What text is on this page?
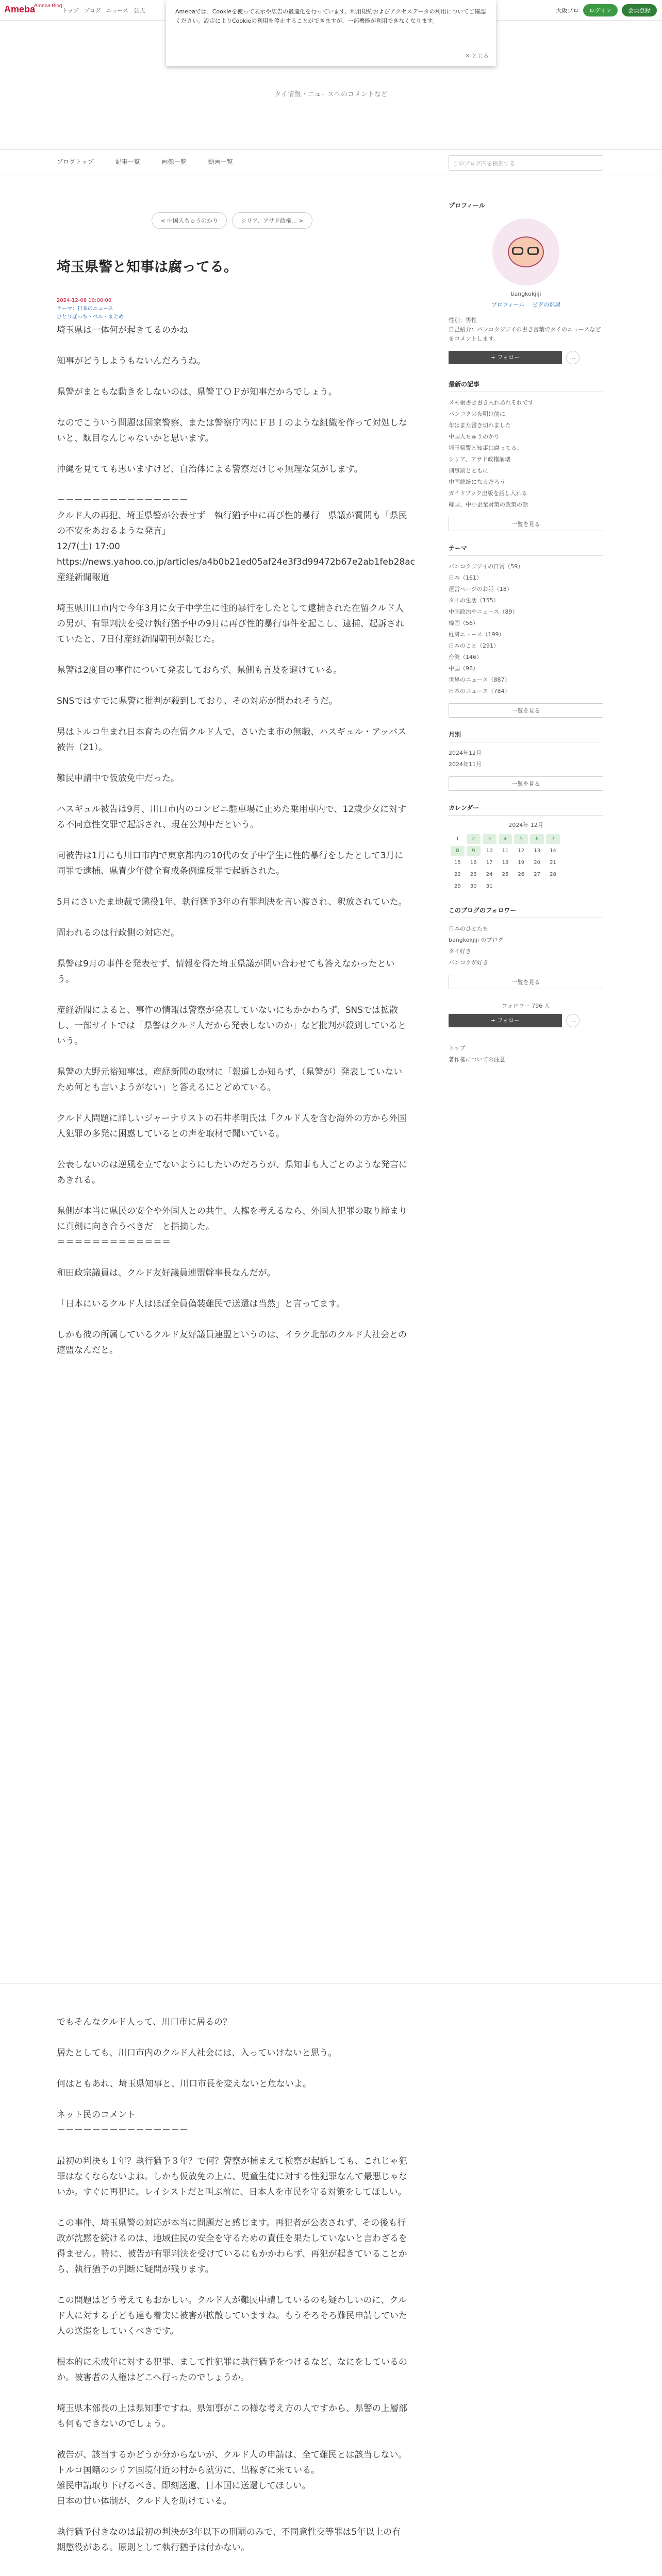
Ameba
Ameba Blog
トップ ブログ ニュース 公式	大阪プロ	ログイン	会員登録
Amebaでは、Cookieを使って表示や広告の最適化を行っています。利用規約およびアクセスデータの利用についてご確認ください。設定によりCookieの利用を停止することができますが、一部機能が利用できなくなります。
✕ とじる
タイ情報・ニュースへのコメントなど
ブログトップ	記事一覧	画像一覧	動画一覧	このブログ内を検索する
< 中国人ちゅうのかり	シリア、アサド政権... >
埼玉県警と知事は腐ってる。
2024-12-08 10:00:00
テーマ：日本のニュース
ひとりぼっち・ベル・まとめ

埼玉県は一体何が起きてるのかね

知事がどうしようもないんだろうね。

県警がまともな動きをしないのは、県警ＴＯＰが知事だからでしょう。

なのでこういう問題は国家警察、または警察庁内にＦＢＩのような組織を作って対処しないと、駄目なんじゃないかと思います。

沖縄を見てても思いますけど、自治体による警察だけじゃ無理な気がします。

－－－－－－－－－－－－－－－
クルド人の再犯、埼玉県警が公表せず　執行猶予中に再び性的暴行　県議が質問も「県民の不安をあおるような発言」
12/7(土) 17:00
https://news.yahoo.co.jp/articles/a4b0b21ed05af24e3f3d99472b67e2ab1feb28ac
産経新聞報道

埼玉県川口市内で今年3月に女子中学生に性的暴行をしたとして逮捕された在留クルド人の男が、有罪判決を受け執行猶予中の9月に再び性的暴行事件を起こし、逮捕、起訴されていたと、7日付産経新聞朝刊が報じた。

県警は2度目の事件について発表しておらず、県側も言及を避けている。

SNSではすでに県警に批判が殺到しており、その対応が問われそうだ。

男はトルコ生まれ日本育ちの在留クルド人で、さいたま市の無職、ハスギュル・アッバス被告（21）。

難民申請中で仮放免中だった。

ハスギュル被告は9月、川口市内のコンビニ駐車場に止めた乗用車内で、12歳少女に対する不同意性交罪で起訴され、現在公判中だという。

同被告は1月にも川口市内で東京都内の10代の女子中学生に性的暴行をしたとして3月に同罪で逮捕、県青少年健全育成条例違反罪で起訴された。

5月にさいたま地裁で懲役1年、執行猶予3年の有罪判決を言い渡され、釈放されていた。

問われるのは行政側の対応だ。

県警は9月の事件を発表せず、情報を得た埼玉県議が問い合わせても答えなかったという。

産経新聞によると、事件の情報は警察が発表していないにもかかわらず、SNSでは拡散し、一部サイトでは「県警はクルド人だから発表しないのか」など批判が殺到しているという。

県警の大野元裕知事は、産経新聞の取材に「報道しか知らず、（県警が）発表していないため何とも言いようがない」と答えるにとどめている。

クルド人問題に詳しいジャーナリストの石井孝明氏は「クルド人を含む海外の方から外国人犯罪の多発に困惑しているとの声を取材で聞いている。

公表しないのは逆風を立てないようにしたいのだろうが、県知事も人ごとのような発言にあきれる。

県側が本当に県民の安全や外国人との共生、人権を考えるなら、外国人犯罪の取り締まりに真剣に向き合うべきだ」と指摘した。
＝＝＝＝＝＝＝＝＝＝＝＝＝

和田政宗議員は、クルド友好議員連盟幹事長なんだが。

「日本にいるクルド人はほぼ全員偽装難民で送還は当然」と言ってます。

しかも彼の所属しているクルド友好議員連盟というのは、イラク北部のクルド人社会との連盟なんだと。

でもそんなクルド人って、川口市に居るの？

居たとしても、川口市内のクルド人社会には、入っていけないと思う。

何はともあれ、埼玉県知事と、川口市長を変えないと危ないよ。

ネット民のコメント
－－－－－－－－－－－－－－－

最初の判決も１年？執行猶予３年？で何？警察が捕まえて検察が起訴しても、これじゃ犯罪はなくならないよね。しかも仮放免の上に、児童生徒に対する性犯罪なんて最悪じゃないか。すぐに再犯に。レイシストだと叫ぶ前に、日本人を市民を守る対策をしてほしい。

この事件、埼玉県警の対応が本当に問題だと感じます。再犯者が公表されず、その後も行政が沈黙を続けるのは、地域住民の安全を守るための責任を果たしていないと言わざるを得ません。特に、被告が有罪判決を受けているにもかかわらず、再犯が起きていることから、執行猶予の判断に疑問が残ります。

この問題はどう考えてもおかしい。クルド人が難民申請しているのも疑わしいのに、クルド人に対する子ども達も着実に被害が拡散していますね。もうそろそろ難民申請していた人の送還をしていくべきです。

根本的に未成年に対する犯罪、まして性犯罪に執行猶予をつけるなど、なにをしているのか。被害者の人権はどこへ行ったのでしょうか。

埼玉県本部長の上は県知事ですね。県知事がこの様な考え方の人ですから、県警の上層部も何もできないのでしょう。

被告が、該当するかどうか分からないが、クルド人の申請は、全て難民とは該当しない。トルコ国籍のシリア国境付近の村から就労に、出稼ぎに来ている。
難民申請取り下げるべき、即刻送還、日本国に送還してほしい。
日本の甘い体制が、クルド人を助けている。

執行猶予付きなのは最初の判決が3年以下の刑罰のみで、不同意性交等罪は5年以上の有期懲役がある。原則として執行猶予は付かない。

プロフィール
bangkokjiji
プロフィール　 ピグの部屋
性別：男性
自己紹介：バンコクジジイの書き言葉でタイのニュースなどをコメントします。
+ フォロー	…
最新の記事
メモ帳書き書き入れあれそれです
バンコクの夜明け前に
年はまた書き切れました
中国人ちゅうのかり
埼玉県警と知事は腐ってる。
シリア、アサド政権崩壊
刑事罰とともに
中国総統になるだろう
ガイドブック出版を話し入れる
韓国、中小企業対策の政策の話
一覧を見る
テーマ
バンコクジジイの日常（59）
日本（161）
運営ページのお話（18）
タイの生活（155）
中国政治やニュース（89）
韓国（56）
経済ニュース（199）
日本のこと（291）
台湾（146）
中国（96）
世界のニュース（887）
日本のニュース（784）
一覧を見る
月別
2024年12月
2024年11月
一覧を見る
カレンダー
2024年 12月
1	2	3	4	5	6	7
8	9	10	11	12	13	14
15	16	17	18	19	20	21
22	23	24	25	26	27	28
29	30	31				
このブログのフォロワー
日本のひとたち
bangkokjiji のブログ
タイ好き
バンコクが好き
一覧を見る
フォロワー 796 人
+ フォロー	…
トップ
著作権についての注意
